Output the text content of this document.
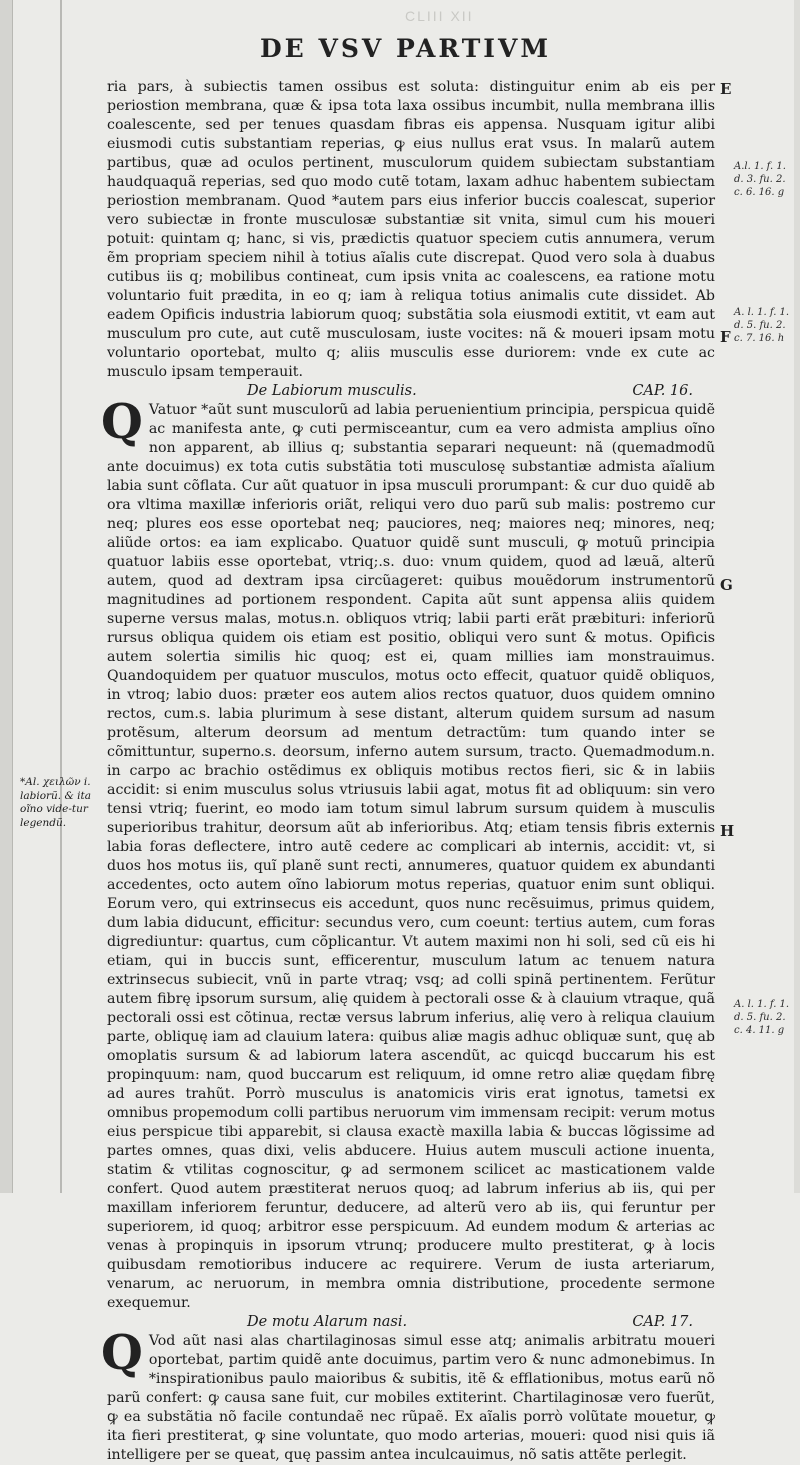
CLIII XII
DE VSV PARTIVM

ria pars, à subiectis tamen ossibus est soluta: distinguitur enim ab eis per periostion membrana, quæ & ipsa tota laxa ossibus incumbit, nulla membrana illis coalescente, sed per tenues quasdam fibras eis appensa. Nusquam igitur alibi eiusmodi cutis substantiam reperias, ꝙ eius nullus erat vsus. In malarũ autem partibus, quæ ad oculos pertinent, musculorum quidem subiectam substantiam haudquaquã reperias, sed quo modo cutẽ totam, laxam adhuc habentem subiectam periostion membranam. Quod *autem pars eius inferior buccis coalescat, superior vero subiectæ in fronte musculosæ substantiæ sit vnita, simul cum his moueri potuit: quintam q; hanc, si vis, prædictis quatuor speciem cutis annumera, verum ẽm propriam speciem nihil à totius aĩalis cute discrepat. Quod vero sola à duabus cutibus iis q; mobilibus contineat, cum ipsis vnita ac coalescens, ea ratione motu voluntario fuit prædita, in eo q; iam à reliqua totius animalis cute dissidet. Ab eadem Opificis industria labiorum quoq; substãtia sola eiusmodi extitit, vt eam aut musculum pro cute, aut cutẽ musculosam, iuste vocites: nã & moueri ipsam motu voluntario oportebat, multo q; aliis musculis esse duriorem: vnde ex cute ac musculo ipsam temperauit.

De Labiorum musculis.	CAP. 16.

Q Vatuor *aũt sunt musculorũ ad labia peruenientium principia, perspicua quidẽ ac manifesta ante, ꝙ cuti permisceantur, cum ea vero admista amplius oĩno non apparent, ab illius q; substantia separari nequeunt: nã (quemadmodũ ante docuimus) ex tota cutis substãtia toti musculosę substantiæ admista aĩalium labia sunt cõflata. Cur aũt quatuor in ipsa musculi prorumpant: & cur duo quidẽ ab ora vltima maxillæ inferioris oriãt, reliqui vero duo parũ sub malis: postremo cur neq; plures eos esse oportebat neq; pauciores, neq; maiores neq; minores, neq; aliũde ortos: ea iam explicabo. Quatuor quidẽ sunt musculi, ꝙ motuũ principia quatuor labiis esse oportebat, vtriq;.s. duo: vnum quidem, quod ad læuã, alterũ autem, quod ad dextram ipsa circũageret: quibus mouẽdorum instrumentorũ magnitudines ad portionem respondent. Capita aũt sunt appensa aliis quidem superne versus malas, motus.n. obliquos vtriq; labii parti erãt præbituri: inferiorũ rursus obliqua quidem ois etiam est positio, obliqui vero sunt & motus. Opificis autem solertia similis hic quoq; est ei, quam millies iam monstrauimus. Quandoquidem per quatuor musculos, motus octo effecit, quatuor quidẽ obliquos, in vtroq; labio duos: præter eos autem alios rectos quatuor, duos quidem omnino rectos, cum.s. labia plurimum à sese distant, alterum quidem sursum ad nasum protẽsum, alterum deorsum ad mentum detractũm: tum quando inter se cõmittuntur, superno.s. deorsum, inferno autem sursum, tracto. Quemadmodum.n. in carpo ac brachio ostẽdimus ex obliquis motibus rectos fieri, sic & in labiis accidit: si enim musculus solus vtriusuis labii agat, motus fit ad obliquum: sin vero tensi vtriq; fuerint, eo modo iam totum simul labrum sursum quidem à musculis superioribus trahitur, deorsum aũt ab inferioribus. Atq; etiam tensis fibris externis labia foras deflectere, intro autẽ cedere ac complicari ab internis, accidit: vt, si duos hos motus iis, quĩ planẽ sunt recti, annumeres, quatuor quidem ex abundanti accedentes, octo autem oĩno labiorum motus reperias, quatuor enim sunt obliqui. Eorum vero, qui extrinsecus eis accedunt, quos nunc recẽsuimus, primus quidem, dum labia diducunt, efficitur: secundus vero, cum coeunt: tertius autem, cum foras digrediuntur: quartus, cum cõplicantur. Vt autem maximi non hi soli, sed cũ eis hi etiam, qui in buccis sunt, efficerentur, musculum latum ac tenuem natura extrinsecus subiecit, vnũ in parte vtraq; vsq; ad colli spinã pertinentem. Ferũtur autem fibrę ipsorum sursum, alię quidem à pectorali osse & à clauium vtraque, quã pectorali ossi est cõtinua, rectæ versus labrum inferius, alię vero à reliqua clauium parte, obliquę iam ad clauium latera: quibus aliæ magis adhuc obliquæ sunt, quę ab omoplatis sursum & ad labiorum latera ascendũt, ac quicqd buccarum his est propinquum: nam, quod buccarum est reliquum, id omne retro aliæ quędam fibrę ad aures trahũt. Porrò musculus is anatomicis viris erat ignotus, tametsi ex omnibus propemodum colli partibus neruorum vim immensam recipit: verum motus eius perspicue tibi apparebit, si clausa exactè maxilla labia & buccas lõgissime ad partes omnes, quas dixi, velis abducere. Huius autem musculi actione inuenta, statim & vtilitas cognoscitur, ꝙ ad sermonem scilicet ac masticationem valde confert. Quod autem præstiterat neruos quoq; ad labrum inferius ab iis, qui per maxillam inferiorem feruntur, deducere, ad alterũ vero ab iis, qui feruntur per superiorem, id quoq; arbitror esse perspicuum. Ad eundem modum & arterias ac venas à propinquis in ipsorum vtrunq; producere multo prestiterat, ꝙ à locis quibusdam remotioribus inducere ac requirere. Verum de iusta arteriarum, venarum, ac neruorum, in membra omnia distributione, procedente sermone exequemur.

De motu Alarum nasi.	CAP. 17.

Q Vod aũt nasi alas chartilaginosas simul esse atq; animalis arbitratu moueri oportebat, partim quidẽ ante docuimus, partim vero & nunc admonebimus. In *inspirationibus paulo maioribus & subitis, itẽ & efflationibus, motus earũ nõ parũ confert: ꝙ causa sane fuit, cur mobiles extiterint. Chartilaginosæ vero fuerũt, ꝙ ea substãtia nõ facile contundaẽ nec rũpaẽ. Ex aĩalis porrò volũtate mouetur, ꝙ ita fieri prestiterat, ꝙ sine voluntate, quo modo arterias, moueri: quod nisi quis iã intelligere per se queat, quę passim antea inculcauimus, nõ satis attẽte perlegit.

E
F
G
H
A.l. 1. f. 1. d. 3. fu. 2. c. 6. 16. g
A. l. 1. f. 1. d. 5. fu. 2. c. 7. 16. h
A. l. 1. f. 1. d. 5. fu. 2. c. 4. 11. g
*Al. χειλῶν i. labiorũ. & ita oĩno vide-tur legendũ.
